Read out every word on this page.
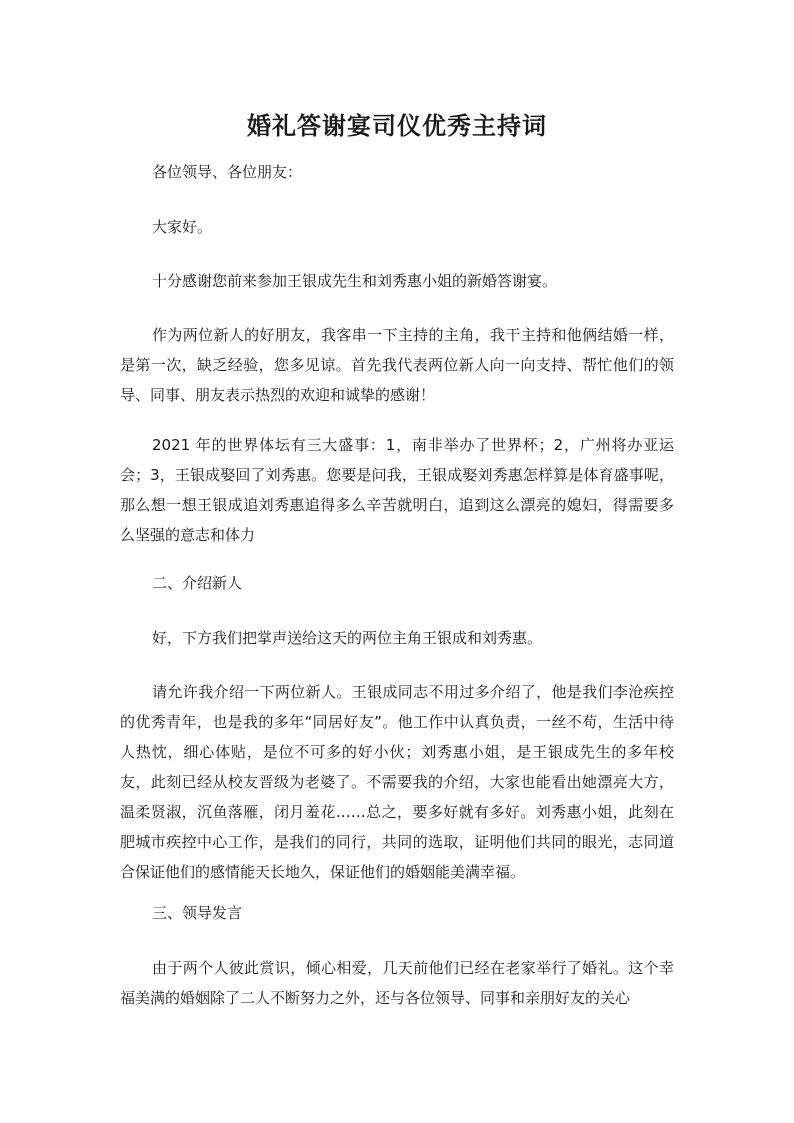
婚礼答谢宴司仪优秀主持词

各位领导、各位朋友：

大家好。

十分感谢您前来参加王银成先生和刘秀惠小姐的新婚答谢宴。

作为两位新人的好朋友，我客串一下主持的主角，我干主持和他俩结婚一样，是第一次，缺乏经验，您多见谅。首先我代表两位新人向一向支持、帮忙他们的领导、同事、朋友表示热烈的欢迎和诚挚的感谢！

2021 年的世界体坛有三大盛事：1，南非举办了世界杯；2，广州将办亚运会；3，王银成娶回了刘秀惠。您要是问我，王银成娶刘秀惠怎样算是体育盛事呢，那么想一想王银成追刘秀惠追得多么辛苦就明白，追到这么漂亮的媳妇，得需要多么坚强的意志和体力

二、介绍新人

好，下方我们把掌声送给这天的两位主角王银成和刘秀惠。

请允许我介绍一下两位新人。王银成同志不用过多介绍了，他是我们李沧疾控的优秀青年，也是我的多年“同居好友”。他工作中认真负责，一丝不苟，生活中待人热忱，细心体贴，是位不可多的好小伙；刘秀惠小姐，是王银成先生的多年校友，此刻已经从校友晋级为老婆了。不需要我的介绍，大家也能看出她漂亮大方，温柔贤淑，沉鱼落雁，闭月羞花……总之，要多好就有多好。刘秀惠小姐，此刻在肥城市疾控中心工作，是我们的同行，共同的选取，证明他们共同的眼光，志同道合保证他们的感情能天长地久，保证他们的婚姻能美满幸福。

三、领导发言

由于两个人彼此赏识，倾心相爱，几天前他们已经在老家举行了婚礼。这个幸福美满的婚姻除了二人不断努力之外，还与各位领导、同事和亲朋好友的关心
